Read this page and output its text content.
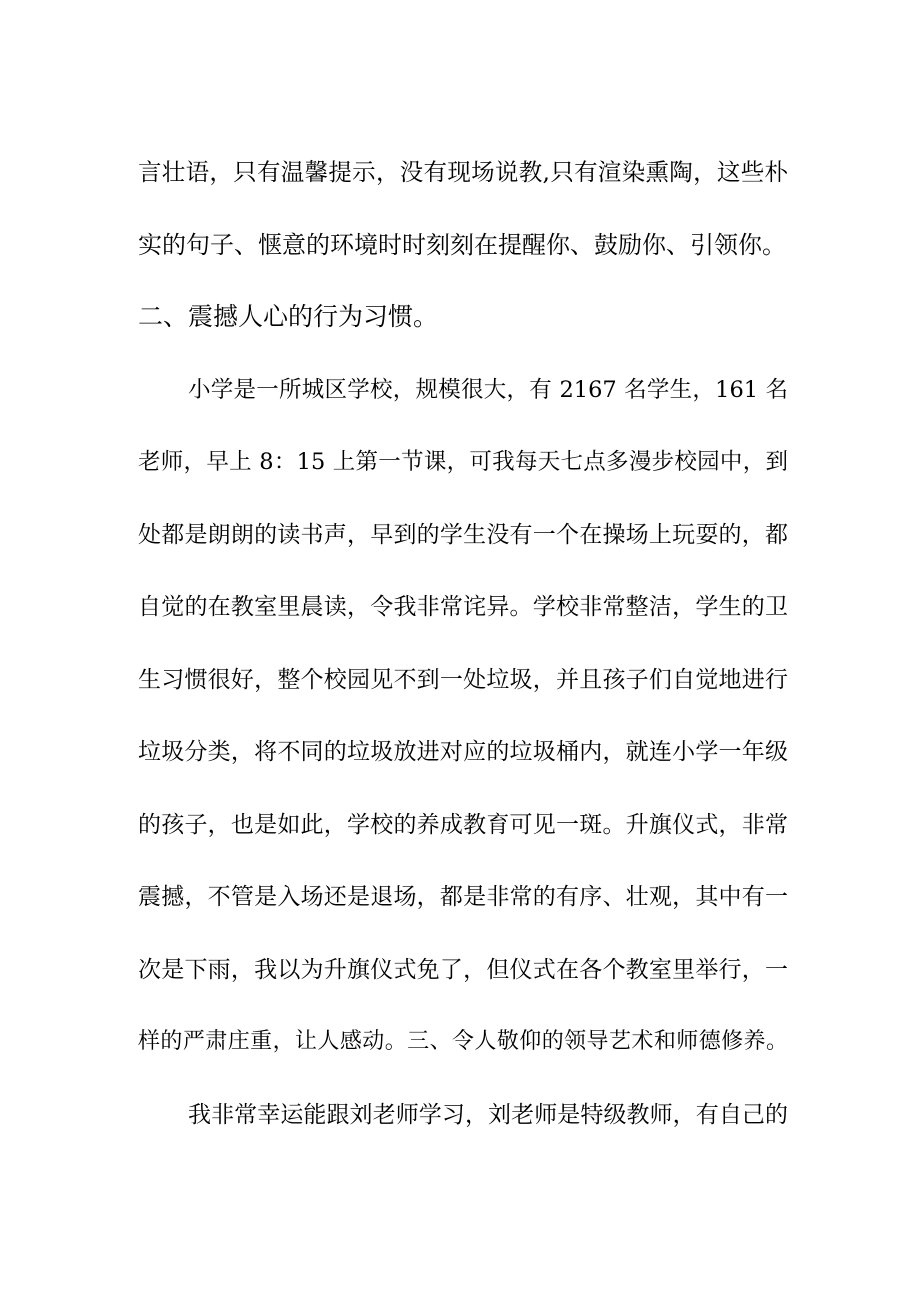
言壮语，只有温馨提示，没有现场说教,只有渲染熏陶，这些朴
实的句子、惬意的环境时时刻刻在提醒你、鼓励你、引领你。
二、震撼人心的行为习惯。
小学是一所城区学校，规模很大，有 2167 名学生，161 名
老师，早上 8：15 上第一节课，可我每天七点多漫步校园中，到
处都是朗朗的读书声，早到的学生没有一个在操场上玩耍的，都
自觉的在教室里晨读，令我非常诧异。学校非常整洁，学生的卫
生习惯很好，整个校园见不到一处垃圾，并且孩子们自觉地进行
垃圾分类，将不同的垃圾放进对应的垃圾桶内，就连小学一年级
的孩子，也是如此，学校的养成教育可见一斑。升旗仪式，非常
震撼，不管是入场还是退场，都是非常的有序、壮观，其中有一
次是下雨，我以为升旗仪式免了，但仪式在各个教室里举行，一
样的严肃庄重，让人感动。三、令人敬仰的领导艺术和师德修养。
我非常幸运能跟刘老师学习，刘老师是特级教师，有自己的
